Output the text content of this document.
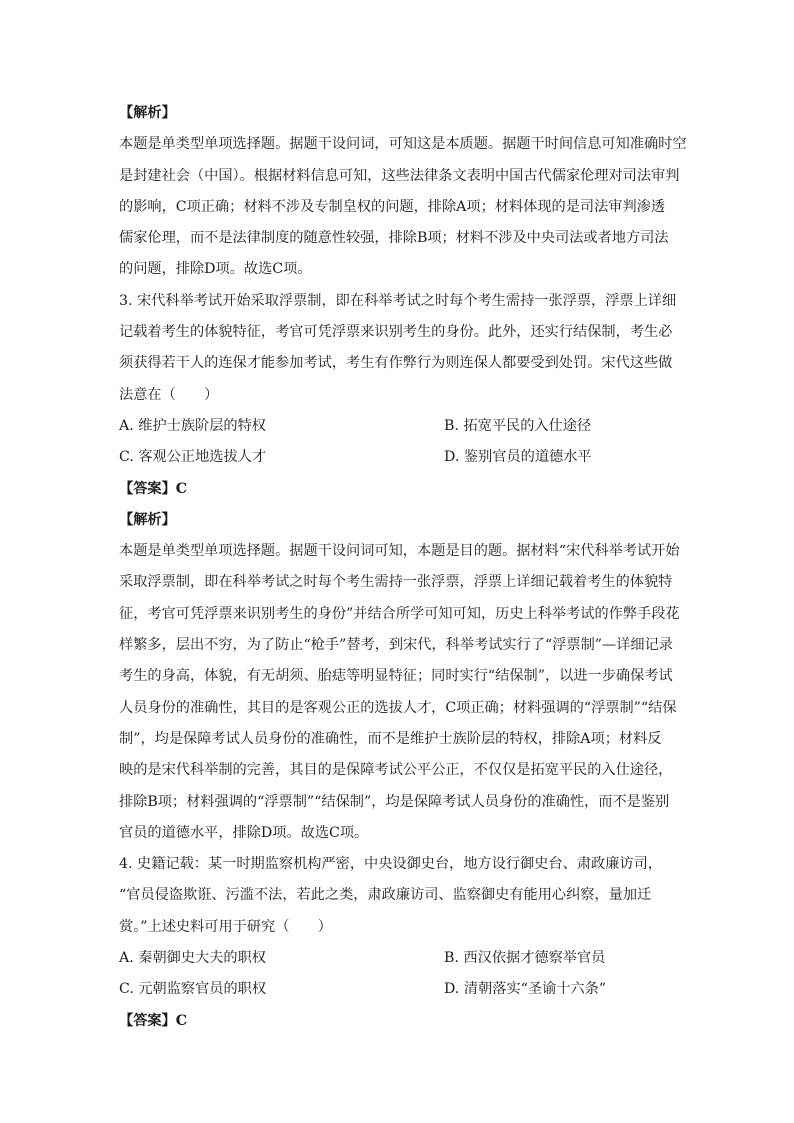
【解析】
本题是单类型单项选择题。据题干设问词，可知这是本质题。据题干时间信息可知准确时空
是封建社会（中国）。根据材料信息可知，这些法律条文表明中国古代儒家伦理对司法审判
的影响，C项正确；材料不涉及专制皇权的问题，排除A项；材料体现的是司法审判渗透
儒家伦理，而不是法律制度的随意性较强，排除B项；材料不涉及中央司法或者地方司法
的问题，排除D项。故选C项。
3. 宋代科举考试开始采取浮票制，即在科举考试之时每个考生需持一张浮票，浮票上详细
记载着考生的体貌特征，考官可凭浮票来识别考生的身份。此外，还实行结保制，考生必
须获得若干人的连保才能参加考试，考生有作弊行为则连保人都要受到处罚。宋代这些做
法意在（　　）
A. 维护士族阶层的特权	B. 拓宽平民的入仕途径
C. 客观公正地选拔人才	D. 鉴别官员的道德水平
【答案】C
【解析】
本题是单类型单项选择题。据题干设问词可知，本题是目的题。据材料“宋代科举考试开始
采取浮票制，即在科举考试之时每个考生需持一张浮票，浮票上详细记载着考生的体貌特
征，考官可凭浮票来识别考生的身份”并结合所学可知可知，历史上科举考试的作弊手段花
样繁多，层出不穷，为了防止“枪手”替考，到宋代，科举考试实行了“浮票制”—详细记录
考生的身高，体貌，有无胡须、胎痣等明显特征；同时实行“结保制”，以进一步确保考试
人员身份的准确性，其目的是客观公正的选拔人才，C项正确；材料强调的“浮票制”“结保
制”，均是保障考试人员身份的准确性，而不是维护士族阶层的特权，排除A项；材料反
映的是宋代科举制的完善，其目的是保障考试公平公正，不仅仅是拓宽平民的入仕途径，
排除B项；材料强调的“浮票制”“结保制”，均是保障考试人员身份的准确性，而不是鉴别
官员的道德水平，排除D项。故选C项。
4. 史籍记载：某一时期监察机构严密，中央设御史台，地方设行御史台、肃政廉访司，
“官员侵盗欺诳、污滥不法，若此之类，肃政廉访司、监察御史有能用心纠察，量加迁
赏。”上述史料可用于研究（　　）
A. 秦朝御史大夫的职权	B. 西汉依据才德察举官员
C. 元朝监察官员的职权	D. 清朝落实“圣谕十六条”
【答案】C
